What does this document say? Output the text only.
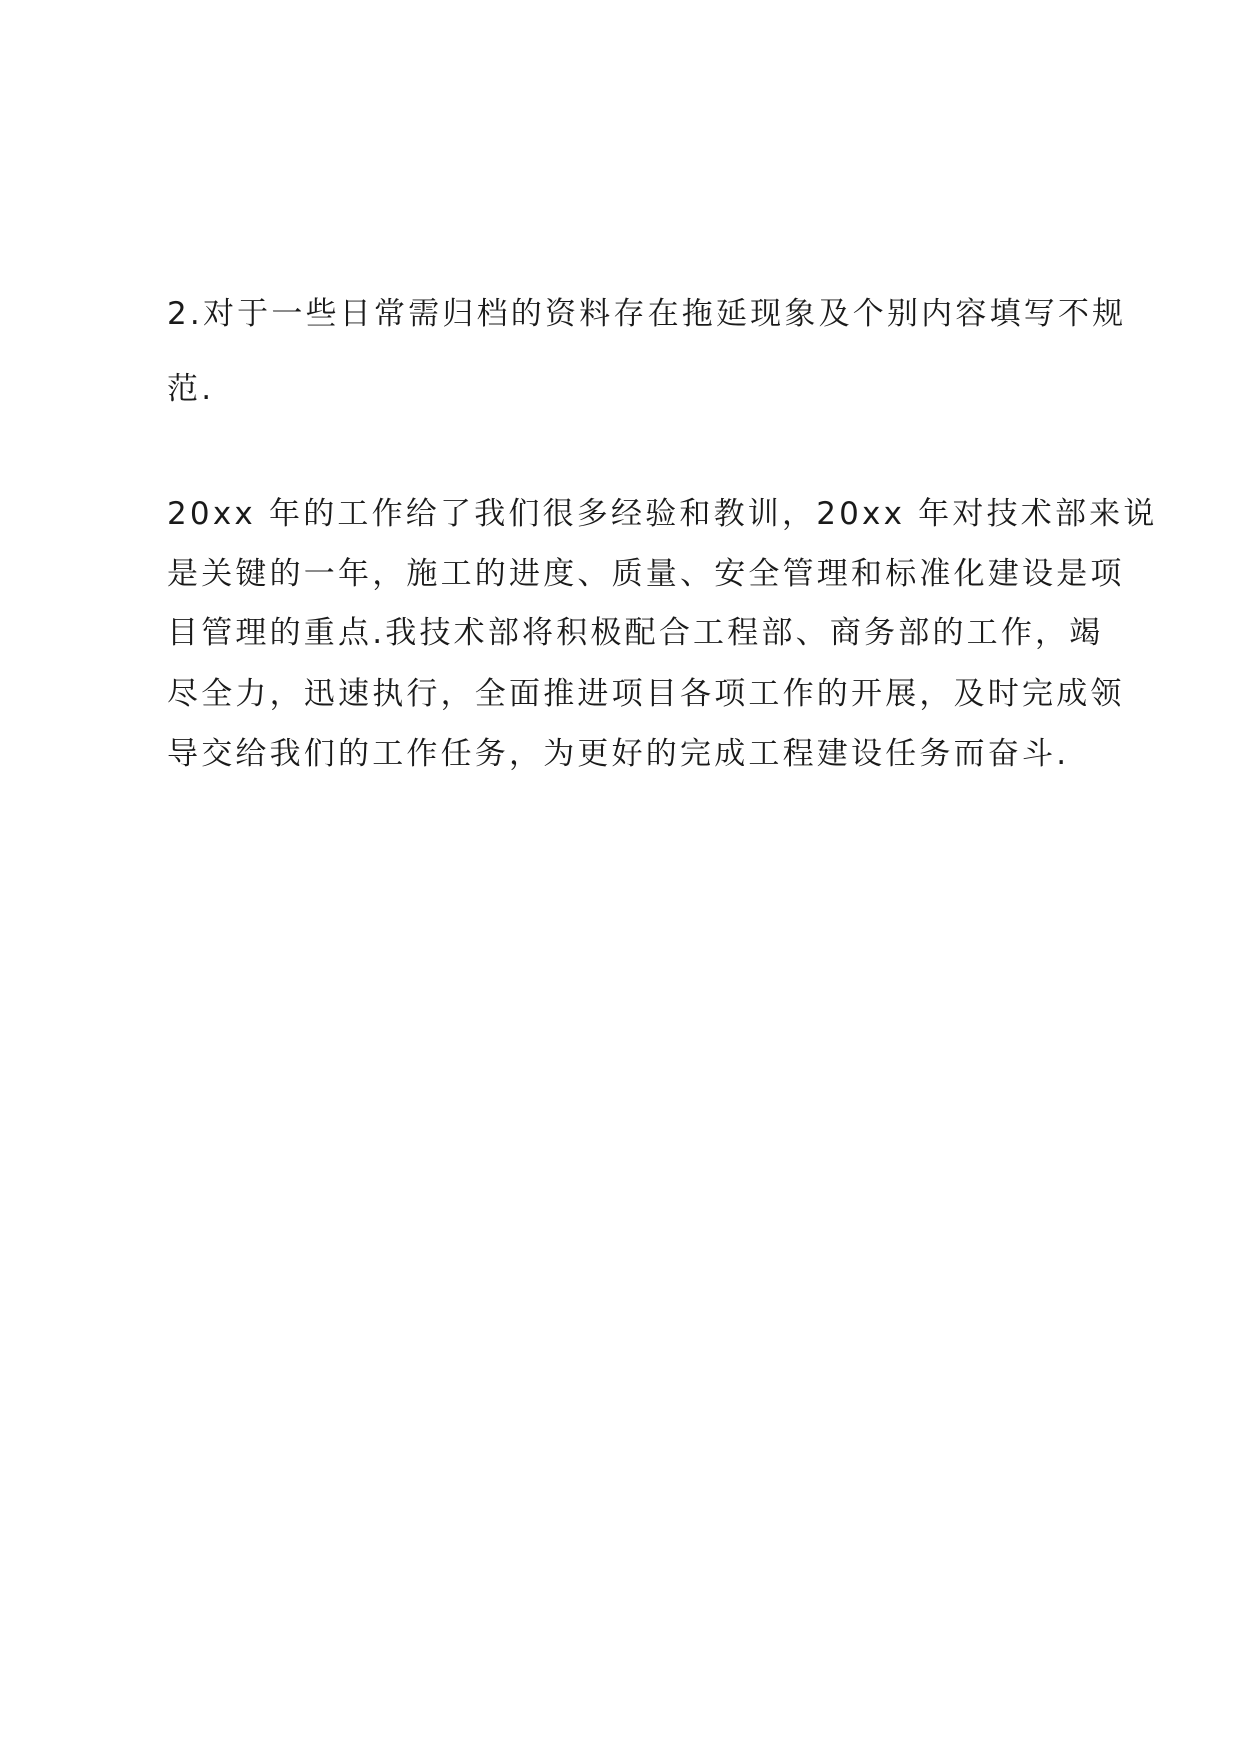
2.对于一些日常需归档的资料存在拖延现象及个别内容填写不规
范.
20xx 年的工作给了我们很多经验和教训，20xx 年对技术部来说
是关键的一年，施工的进度、质量、安全管理和标准化建设是项
目管理的重点.我技术部将积极配合工程部、商务部的工作，竭
尽全力，迅速执行，全面推进项目各项工作的开展，及时完成领
导交给我们的工作任务，为更好的完成工程建设任务而奋斗.
